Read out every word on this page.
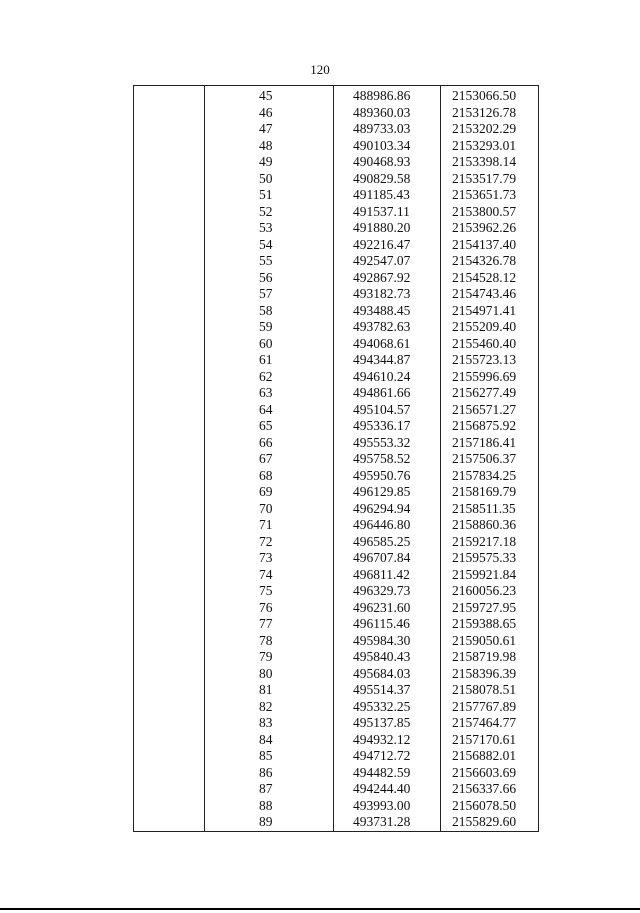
120
45	488986.86	2153066.50
46	489360.03	2153126.78
47	489733.03	2153202.29
48	490103.34	2153293.01
49	490468.93	2153398.14
50	490829.58	2153517.79
51	491185.43	2153651.73
52	491537.11	2153800.57
53	491880.20	2153962.26
54	492216.47	2154137.40
55	492547.07	2154326.78
56	492867.92	2154528.12
57	493182.73	2154743.46
58	493488.45	2154971.41
59	493782.63	2155209.40
60	494068.61	2155460.40
61	494344.87	2155723.13
62	494610.24	2155996.69
63	494861.66	2156277.49
64	495104.57	2156571.27
65	495336.17	2156875.92
66	495553.32	2157186.41
67	495758.52	2157506.37
68	495950.76	2157834.25
69	496129.85	2158169.79
70	496294.94	2158511.35
71	496446.80	2158860.36
72	496585.25	2159217.18
73	496707.84	2159575.33
74	496811.42	2159921.84
75	496329.73	2160056.23
76	496231.60	2159727.95
77	496115.46	2159388.65
78	495984.30	2159050.61
79	495840.43	2158719.98
80	495684.03	2158396.39
81	495514.37	2158078.51
82	495332.25	2157767.89
83	495137.85	2157464.77
84	494932.12	2157170.61
85	494712.72	2156882.01
86	494482.59	2156603.69
87	494244.40	2156337.66
88	493993.00	2156078.50
89	493731.28	2155829.60
